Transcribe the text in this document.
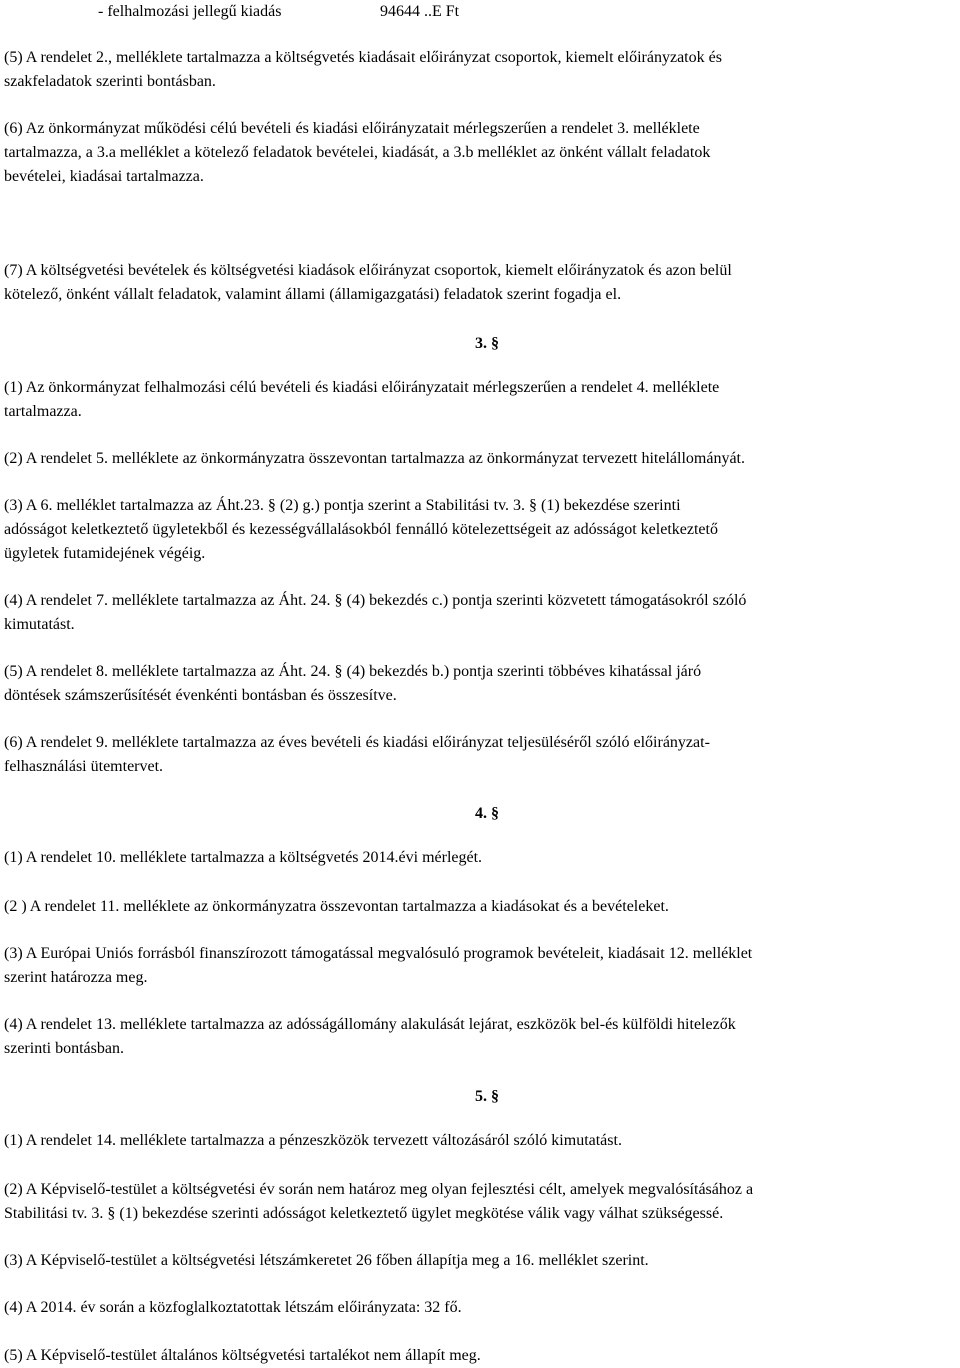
- felhalmozási jellegű kiadás	94644 ..E Ft
(5) A rendelet 2., melléklete tartalmazza a költségvetés kiadásait előirányzat csoportok, kiemelt előirányzatok és
szakfeladatok szerinti bontásban.
(6) Az önkormányzat működési célú bevételi és kiadási előirányzatait mérlegszerűen a rendelet 3. melléklete
tartalmazza, a 3.a melléklet a kötelező feladatok bevételei, kiadását, a 3.b melléklet az önként vállalt feladatok
bevételei, kiadásai tartalmazza.
(7) A költségvetési bevételek és költségvetési kiadások előirányzat csoportok, kiemelt előirányzatok és azon belül
kötelező, önként vállalt feladatok, valamint állami (államigazgatási) feladatok szerint fogadja el.
3. §
(1) Az önkormányzat felhalmozási célú bevételi és kiadási előirányzatait mérlegszerűen a rendelet 4. melléklete
tartalmazza.
(2) A rendelet 5. melléklete az önkormányzatra összevontan tartalmazza az önkormányzat tervezett hitelállományát.
(3) A 6. melléklet tartalmazza az Áht.23. § (2) g.) pontja szerint a Stabilitási tv. 3. § (1) bekezdése szerinti
adósságot keletkeztető ügyletekből és kezességvállalásokból fennálló kötelezettségeit az adósságot keletkeztető
ügyletek futamidejének végéig.
(4) A rendelet 7. melléklete tartalmazza az Áht. 24. § (4) bekezdés c.) pontja szerinti közvetett támogatásokról szóló
kimutatást.
(5) A rendelet 8. melléklete tartalmazza az Áht. 24. § (4) bekezdés b.) pontja szerinti többéves kihatással járó
döntések számszerűsítését évenkénti bontásban és összesítve.
(6) A rendelet 9. melléklete tartalmazza az éves bevételi és kiadási előirányzat teljesüléséről szóló előirányzat-
felhasználási ütemtervet.
4. §
(1) A rendelet 10. melléklete tartalmazza a költségvetés 2014.évi mérlegét.
(2 ) A rendelet 11. melléklete az önkormányzatra összevontan tartalmazza a kiadásokat és a bevételeket.
(3) A Európai Uniós forrásból finanszírozott támogatással megvalósuló programok bevételeit, kiadásait 12. melléklet
szerint határozza meg.
(4) A rendelet 13. melléklete tartalmazza az adósságállomány alakulását lejárat, eszközök bel-és külföldi hitelezők
szerinti bontásban.
5. §
(1) A rendelet 14. melléklete tartalmazza a pénzeszközök tervezett változásáról szóló kimutatást.
(2) A Képviselő-testület a költségvetési év során nem határoz meg olyan fejlesztési célt, amelyek megvalósításához a
Stabilitási tv. 3. § (1) bekezdése szerinti adósságot keletkeztető ügylet megkötése válik vagy válhat szükségessé.
(3) A Képviselő-testület a költségvetési létszámkeretet 26 főben állapítja meg a 16. melléklet szerint.
(4) A 2014. év során a közfoglalkoztatottak létszám előirányzata: 32 fő.
(5) A Képviselő-testület általános költségvetési tartalékot nem állapít meg.
